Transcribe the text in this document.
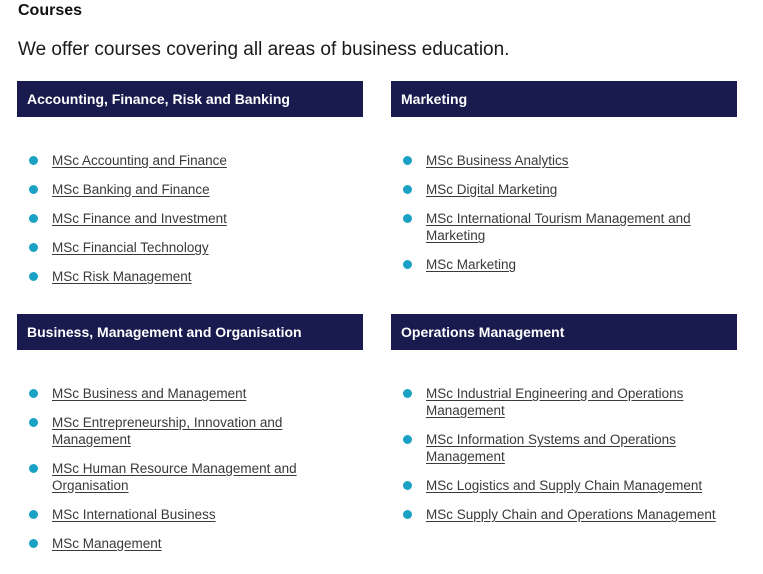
Courses

We offer courses covering all areas of business education.

Accounting, Finance, Risk and Banking
MSc Accounting and Finance
MSc Banking and Finance
MSc Finance and Investment
MSc Financial Technology
MSc Risk Management
Marketing
MSc Business Analytics
MSc Digital Marketing
MSc International Tourism Management and Marketing
MSc Marketing
Business, Management and Organisation
MSc Business and Management
MSc Entrepreneurship, Innovation and Management
MSc Human Resource Management and Organisation
MSc International Business
MSc Management
Operations Management
MSc Industrial Engineering and Operations Management
MSc Information Systems and Operations Management
MSc Logistics and Supply Chain Management
MSc Supply Chain and Operations Management
